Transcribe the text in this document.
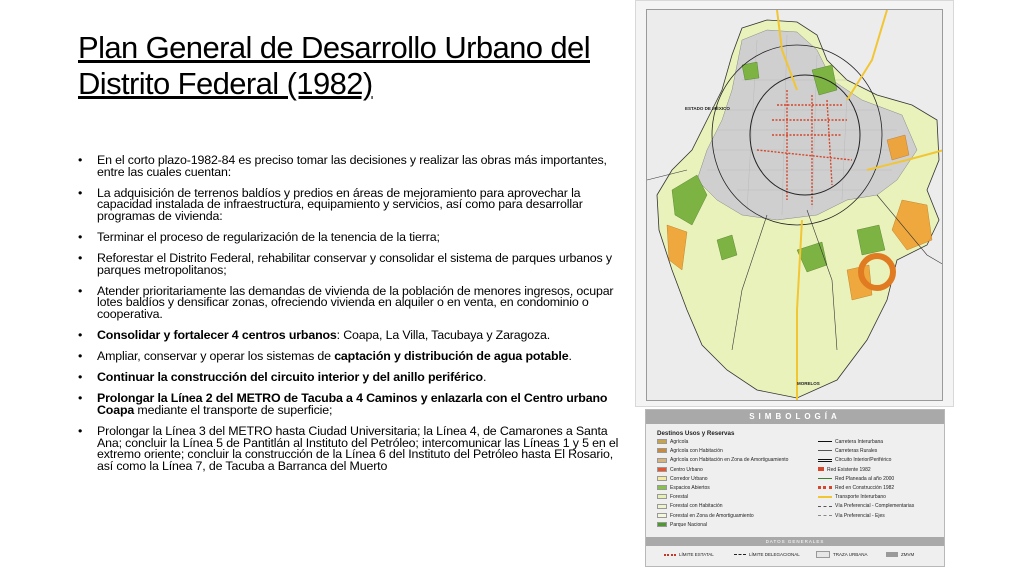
Plan General de Desarrollo Urbano del Distrito Federal (1982)
• En el corto plazo-1982-84 es preciso tomar las decisiones y realizar las obras más importantes, entre las cuales cuentan:
• La adquisición de terrenos baldíos y predios en áreas de mejoramiento para aprovechar la capacidad instalada de infraestructura, equipamiento y servicios, así como para desarrollar programas de vivienda:
• Terminar el proceso de regularización de la tenencia de la tierra;
• Reforestar el Distrito Federal, rehabilitar conservar y consolidar el sistema de parques urbanos y parques metropolitanos;
• Atender prioritariamente las demandas de vivienda de la población de menores ingresos, ocupar lotes baldíos y densificar zonas, ofreciendo vivienda en alquiler o en venta, en condominio o cooperativa.
• Consolidar y fortalecer 4 centros urbanos: Coapa, La Villa, Tacubaya y Zaragoza.
• Ampliar, conservar y operar los sistemas de captación y distribución de agua potable.
• Continuar la construcción del circuito interior y del anillo periférico.
• Prolongar la Línea 2 del METRO de Tacuba a 4 Caminos y enlazarla con el Centro urbano Coapa mediante el transporte de superficie;
• Prolongar la Línea 3 del METRO hasta Ciudad Universitaria; la Línea 4, de Camarones a Santa Ana; concluir la Línea 5 de Pantitlán al Instituto del Petróleo; intercomunicar las Líneas 1 y 5 en el extremo oriente; concluir la construcción de la Línea 6 del Instituto del Petróleo hasta El Rosario, así como la Línea 7, de Tacuba a Barranca del Muerto
ESTADO DE MÉXICO
MORELOS
SIMBOLOGÍA
Destinos Usos y Reservas
Agrícola
Agrícola con Habitación
Agrícola con Habitación en Zona de Amortiguamiento
Centro Urbano
Corredor Urbano
Espacios Abiertos
Forestal
Forestal con Habitación
Forestal en Zona de Amortiguamiento
Parque Nacional
Carretera Interurbana
Carreteras Rurales
Circuito Interior/Periférico
Red Existente 1982
Red Planeada al año 2000
Red en Construcción 1982
Transporte Interurbano
Vía Preferencial - Complementarias
Vía Preferencial - Ejes
DATOS GENERALES
LÍMITE ESTATAL	LÍMITE DELEGACIONAL	TRAZA URBANA	ZMVM
